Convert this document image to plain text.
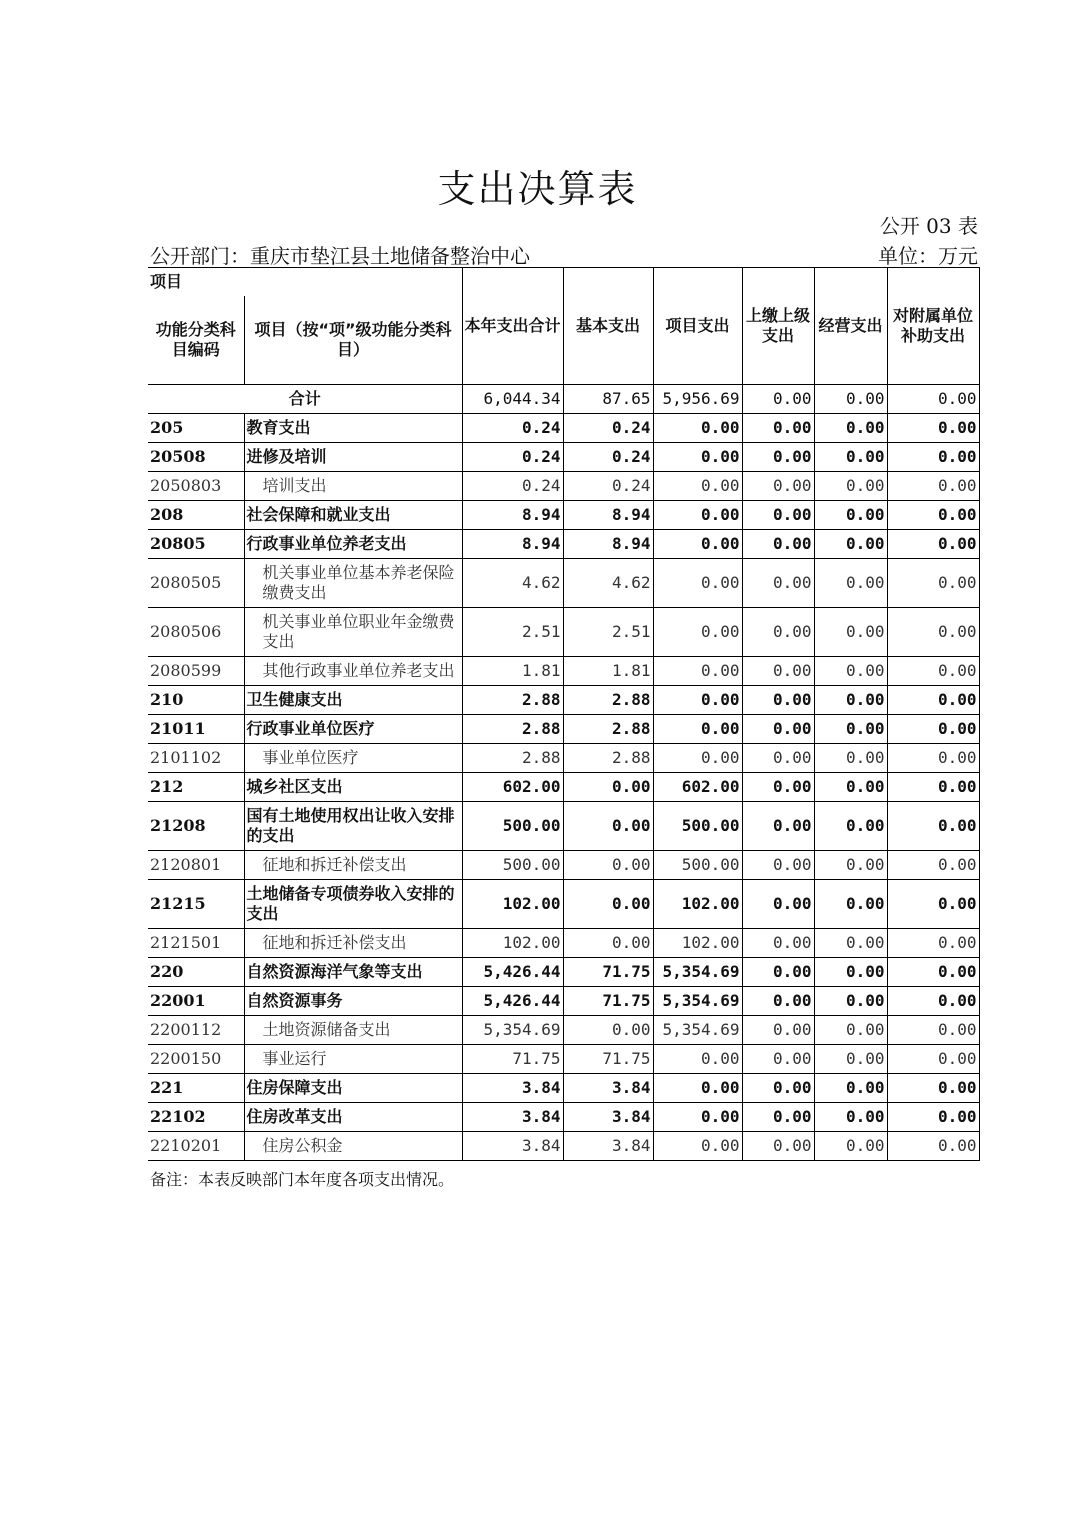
支出决算表
公开 03 表
公开部门：重庆市垫江县土地储备整治中心	单位：万元
项目		本年支出合计	基本支出	项目支出	上缴上级支出	经营支出	对附属单位补助支出
功能分类科目编码	项目（按“项”级功能分类科目）						
合计		6,044.34	87.65	5,956.69	0.00	0.00	0.00
205	教育支出	0.24	0.24	0.00	0.00	0.00	0.00
20508	进修及培训	0.24	0.24	0.00	0.00	0.00	0.00
2050803	培训支出	0.24	0.24	0.00	0.00	0.00	0.00
208	社会保障和就业支出	8.94	8.94	0.00	0.00	0.00	0.00
20805	行政事业单位养老支出	8.94	8.94	0.00	0.00	0.00	0.00
2080505	机关事业单位基本养老保险缴费支出	4.62	4.62	0.00	0.00	0.00	0.00
2080506	机关事业单位职业年金缴费支出	2.51	2.51	0.00	0.00	0.00	0.00
2080599	其他行政事业单位养老支出	1.81	1.81	0.00	0.00	0.00	0.00
210	卫生健康支出	2.88	2.88	0.00	0.00	0.00	0.00
21011	行政事业单位医疗	2.88	2.88	0.00	0.00	0.00	0.00
2101102	事业单位医疗	2.88	2.88	0.00	0.00	0.00	0.00
212	城乡社区支出	602.00	0.00	602.00	0.00	0.00	0.00
21208	国有土地使用权出让收入安排的支出	500.00	0.00	500.00	0.00	0.00	0.00
2120801	征地和拆迁补偿支出	500.00	0.00	500.00	0.00	0.00	0.00
21215	土地储备专项债券收入安排的支出	102.00	0.00	102.00	0.00	0.00	0.00
2121501	征地和拆迁补偿支出	102.00	0.00	102.00	0.00	0.00	0.00
220	自然资源海洋气象等支出	5,426.44	71.75	5,354.69	0.00	0.00	0.00
22001	自然资源事务	5,426.44	71.75	5,354.69	0.00	0.00	0.00
2200112	土地资源储备支出	5,354.69	0.00	5,354.69	0.00	0.00	0.00
2200150	事业运行	71.75	71.75	0.00	0.00	0.00	0.00
221	住房保障支出	3.84	3.84	0.00	0.00	0.00	0.00
22102	住房改革支出	3.84	3.84	0.00	0.00	0.00	0.00
2210201	住房公积金	3.84	3.84	0.00	0.00	0.00	0.00
备注：本表反映部门本年度各项支出情况。
